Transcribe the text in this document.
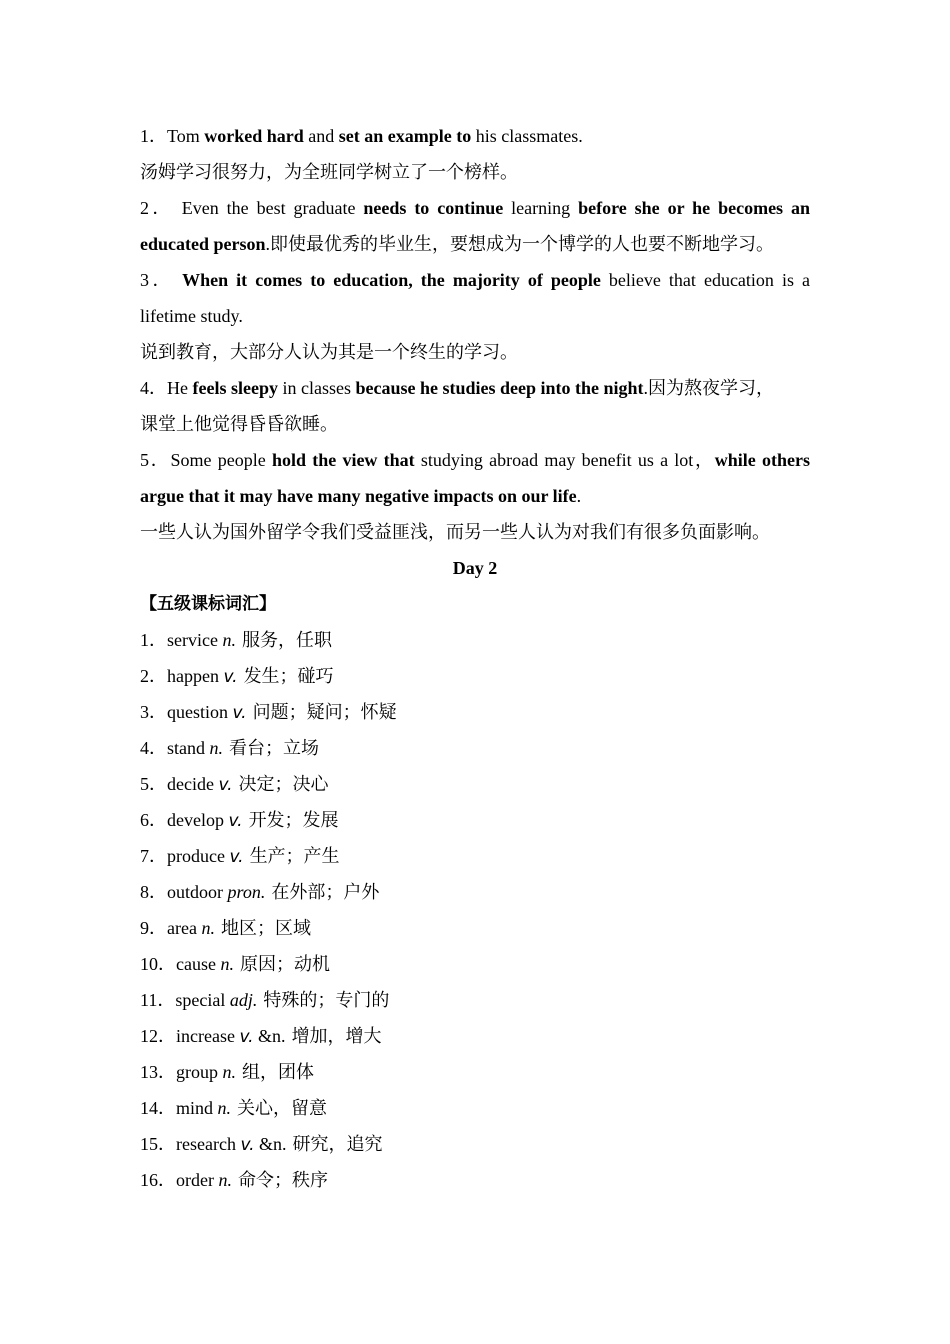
1．Tom worked hard and set an example to his classmates.
汤姆学习很努力，为全班同学树立了一个榜样。
2． Even the best graduate needs to continue learning before she or he becomes an
educated person.即使最优秀的毕业生，要想成为一个博学的人也要不断地学习。
3． When it comes to education, the majority of people believe that education is a
lifetime study.
说到教育，大部分人认为其是一个终生的学习。
4．He feels sleepy in classes because he studies deep into the night.因为熬夜学习，
课堂上他觉得昏昏欲睡。
5．Some people hold the view that studying abroad may benefit us a lot，while others
argue that it may have many negative impacts on our life.
一些人认为国外留学令我们受益匪浅，而另一些人认为对我们有很多负面影响。
Day 2
【五级课标词汇】
1．service n. 服务，任职
2．happen v. 发生；碰巧
3．question v. 问题；疑问；怀疑
4．stand n. 看台；立场
5．decide v. 决定；决心
6．develop v. 开发；发展
7．produce v. 生产；产生
8．outdoor pron. 在外部；户外
9．area n. 地区；区域
10．cause n. 原因；动机
11．special adj. 特殊的；专门的
12．increase v. &n. 增加，增大
13．group n. 组，团体
14．mind n. 关心，留意
15．research v. &n. 研究，追究
16．order n. 命令；秩序
